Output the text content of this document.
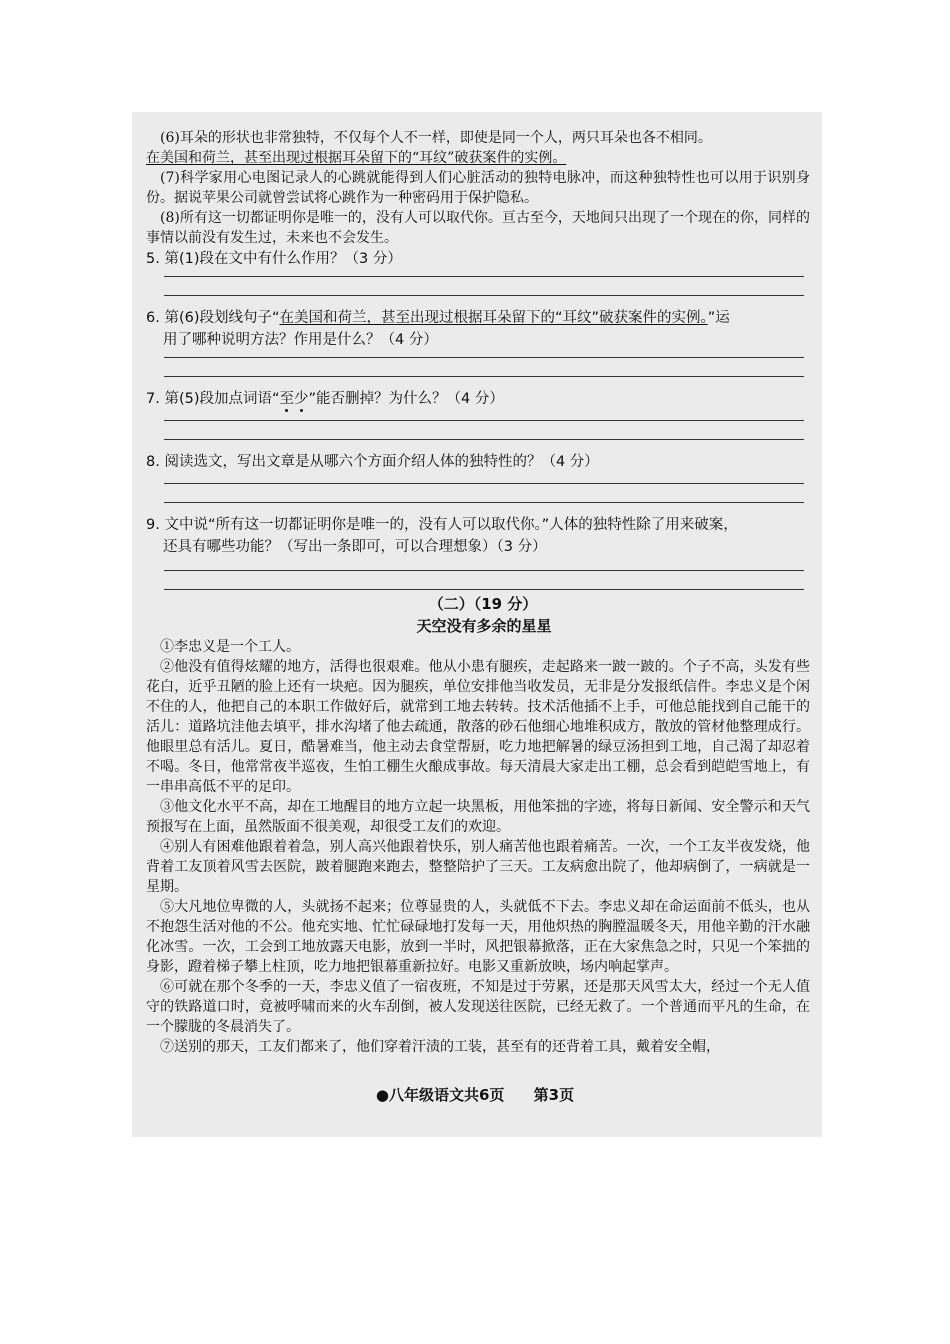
(6)耳朵的形状也非常独特，不仅每个人不一样，即使是同一个人，两只耳朵也各不相同。
在美国和荷兰，甚至出现过根据耳朵留下的“耳纹”破获案件的实例。

(7)科学家用心电图记录人的心跳就能得到人们心脏活动的独特电脉冲，而这种独特性也可以用于识别身份。据说苹果公司就曾尝试将心跳作为一种密码用于保护隐私。

(8)所有这一切都证明你是唯一的，没有人可以取代你。亘古至今，天地间只出现了一个现在的你，同样的事情以前没有发生过，未来也不会发生。

5. 第(1)段在文中有什么作用？（3 分）

6. 第(6)段划线句子“在美国和荷兰，甚至出现过根据耳朵留下的“耳纹”破获案件的实例。”运

用了哪种说明方法？作用是什么？（4 分）

7. 第(5)段加点词语“至少”能否删掉？为什么？（4 分）

8. 阅读选文，写出文章是从哪六个方面介绍人体的独特性的？（4 分）

9. 文中说“所有这一切都证明你是唯一的，没有人可以取代你。”人体的独特性除了用来破案，

还具有哪些功能？（写出一条即可，可以合理想象）（3 分）

（二）（19 分）

天空没有多余的星星

①李忠义是一个工人。

②他没有值得炫耀的地方，活得也很艰难。他从小患有腿疾，走起路来一跛一跛的。个子不高，头发有些花白，近乎丑陋的脸上还有一块疤。因为腿疾，单位安排他当收发员，无非是分发报纸信件。李忠义是个闲不住的人，他把自己的本职工作做好后，就常到工地去转转。技术活他插不上手，可他总能找到自己能干的活儿：道路坑洼他去填平，排水沟堵了他去疏通，散落的砂石他细心地堆积成方，散放的管材他整理成行。他眼里总有活儿。夏日，酷暑难当，他主动去食堂帮厨，吃力地把解暑的绿豆汤担到工地，自己渴了却忍着不喝。冬日，他常常夜半巡夜，生怕工棚生火酿成事故。每天清晨大家走出工棚，总会看到皑皑雪地上，有一串串高低不平的足印。

③他文化水平不高，却在工地醒目的地方立起一块黑板，用他笨拙的字迹，将每日新闻、安全警示和天气预报写在上面，虽然版面不很美观，却很受工友们的欢迎。

④别人有困难他跟着着急，别人高兴他跟着快乐，别人痛苦他也跟着痛苦。一次，一个工友半夜发烧，他背着工友顶着风雪去医院，跛着腿跑来跑去，整整陪护了三天。工友病愈出院了，他却病倒了，一病就是一星期。

⑤大凡地位卑微的人，头就扬不起来；位尊显贵的人，头就低不下去。李忠义却在命运面前不低头，也从不抱怨生活对他的不公。他充实地、忙忙碌碌地打发每一天，用他炽热的胸膛温暖冬天，用他辛勤的汗水融化冰雪。一次，工会到工地放露天电影，放到一半时，风把银幕掀落，正在大家焦急之时，只见一个笨拙的身影，蹬着梯子攀上柱顶，吃力地把银幕重新拉好。电影又重新放映，场内响起掌声。

⑥可就在那个冬季的一天，李忠义值了一宿夜班，不知是过于劳累，还是那天风雪太大，经过一个无人值守的铁路道口时，竟被呼啸而来的火车刮倒，被人发现送往医院，已经无救了。一个普通而平凡的生命，在一个朦胧的冬晨消失了。

⑦送别的那天，工友们都来了，他们穿着汗渍的工装，甚至有的还背着工具，戴着安全帽，

●八年级语文共6页 第3页
